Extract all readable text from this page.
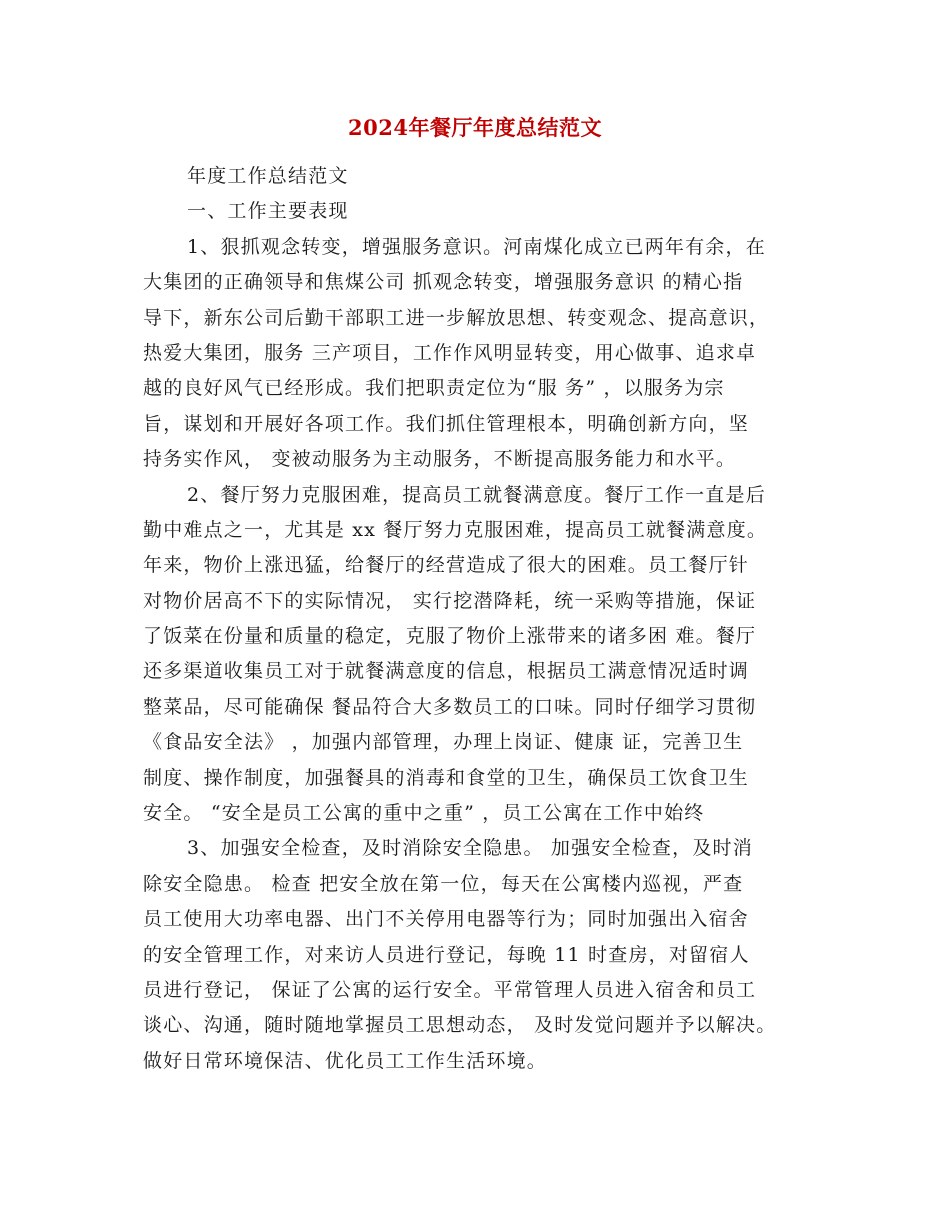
2024年餐厅年度总结范文
年度工作总结范文
一、工作主要表现
1、狠抓观念转变，增强服务意识。河南煤化成立已两年有余，在
大集团的正确领导和焦煤公司 抓观念转变，增强服务意识 的精心指
导下，新东公司后勤干部职工进一步解放思想、转变观念、提高意识，
热爱大集团，服务 三产项目，工作作风明显转变，用心做事、追求卓
越的良好风气已经形成。我们把职责定位为“服 务” ，以服务为宗
旨，谋划和开展好各项工作。我们抓住管理根本，明确创新方向，坚
持务实作风， 变被动服务为主动服务，不断提高服务能力和水平。
2、餐厅努力克服困难，提高员工就餐满意度。餐厅工作一直是后
勤中难点之一，尤其是 xx 餐厅努力克服困难，提高员工就餐满意度。
年来，物价上涨迅猛，给餐厅的经营造成了很大的困难。员工餐厅针
对物价居高不下的实际情况， 实行挖潜降耗，统一采购等措施，保证
了饭菜在份量和质量的稳定，克服了物价上涨带来的诸多困 难。餐厅
还多渠道收集员工对于就餐满意度的信息，根据员工满意情况适时调
整菜品，尽可能确保 餐品符合大多数员工的口味。同时仔细学习贯彻
《食品安全法》 ，加强内部管理，办理上岗证、健康 证，完善卫生
制度、操作制度，加强餐具的消毒和食堂的卫生，确保员工饮食卫生
安全。 “安全是员工公寓的重中之重” ，员工公寓在工作中始终
3、加强安全检查，及时消除安全隐患。 加强安全检查，及时消
除安全隐患。 检查 把安全放在第一位，每天在公寓楼内巡视，严查
员工使用大功率电器、出门不关停用电器等行为；同时加强出入宿舍
的安全管理工作，对来访人员进行登记，每晚 11 时查房，对留宿人
员进行登记， 保证了公寓的运行安全。平常管理人员进入宿舍和员工
谈心、沟通，随时随地掌握员工思想动态， 及时发觉问题并予以解决。
做好日常环境保洁、优化员工工作生活环境。
